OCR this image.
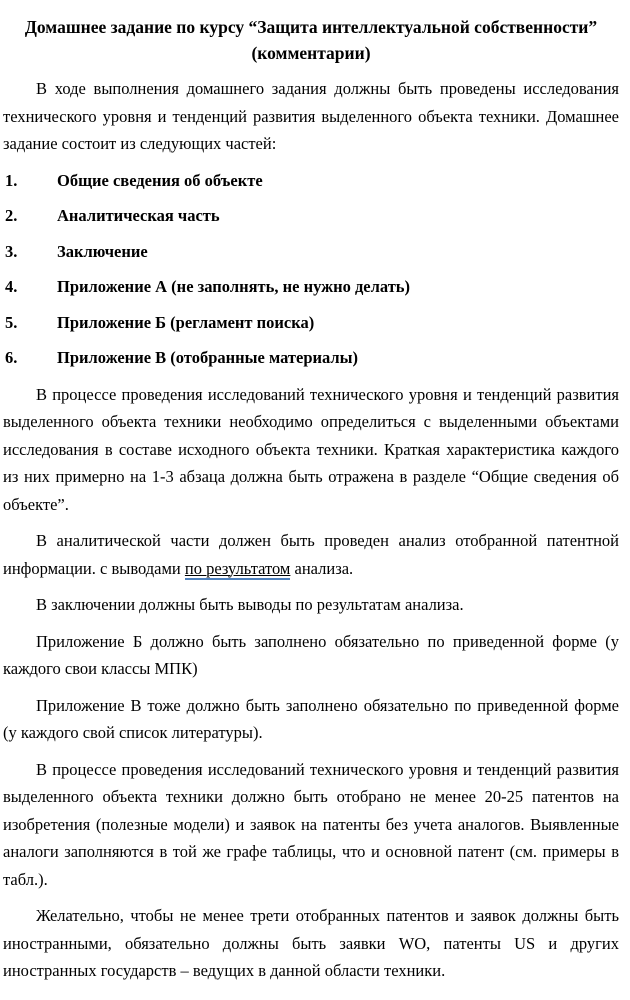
Домашнее задание по курсу “Защита интеллектуальной собственности”
(комментарии)

В ходе выполнения домашнего задания должны быть проведены исследования технического уровня и тенденций развития выделенного объекта техники. Домашнее задание состоит из следующих частей:

1. Общие сведения об объекте
2. Аналитическая часть
3. Заключение
4. Приложение А (не заполнять, не нужно делать)
5. Приложение Б (регламент поиска)
6. Приложение В (отобранные материалы)

В процессе проведения исследований технического уровня и тенденций развития выделенного объекта техники необходимо определиться с выделенными объектами исследования в составе исходного объекта техники. Краткая характеристика каждого из них примерно на 1-3 абзаца должна быть отражена в разделе “Общие сведения об объекте”.

В аналитической части должен быть проведен анализ отобранной патентной информации. с выводами по результатом анализа.

В заключении должны быть выводы по результатам анализа.

Приложение Б должно быть заполнено обязательно по приведенной форме (у каждого свои классы МПК)

Приложение В тоже должно быть заполнено обязательно по приведенной форме (у каждого свой список литературы).

В процессе проведения исследований технического уровня и тенденций развития выделенного объекта техники должно быть отобрано не менее 20-25 патентов на изобретения (полезные модели) и заявок на патенты без учета аналогов. Выявленные аналоги заполняются в той же графе таблицы, что и основной патент (см. примеры в табл.).

Желательно, чтобы не менее трети отобранных патентов и заявок должны быть иностранными, обязательно должны быть заявки WO, патенты US и других иностранных государств – ведущих в данной области техники.
